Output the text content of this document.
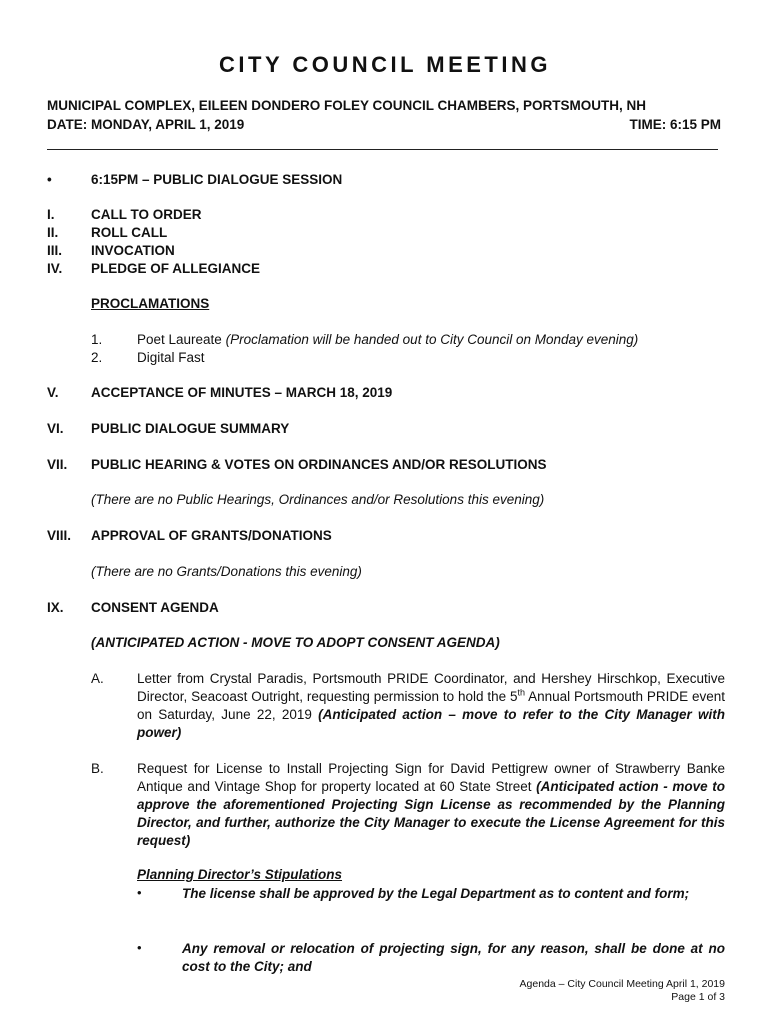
CITY COUNCIL MEETING
MUNICIPAL COMPLEX, EILEEN DONDERO FOLEY COUNCIL CHAMBERS, PORTSMOUTH, NH
DATE: MONDAY, APRIL 1, 2019	TIME: 6:15 PM
•	6:15PM – PUBLIC DIALOGUE SESSION
I.	CALL TO ORDER
II. ROLL CALL
III. INVOCATION
IV. PLEDGE OF ALLEGIANCE
PROCLAMATIONS
1.	Poet Laureate (Proclamation will be handed out to City Council on Monday evening)
2.	Digital Fast
V. ACCEPTANCE OF MINUTES – MARCH 18, 2019
VI. PUBLIC DIALOGUE SUMMARY
VII. PUBLIC HEARING & VOTES ON ORDINANCES AND/OR RESOLUTIONS
(There are no Public Hearings, Ordinances and/or Resolutions this evening)
VIII. APPROVAL OF GRANTS/DONATIONS
(There are no Grants/Donations this evening)
IX. CONSENT AGENDA
(ANTICIPATED ACTION - MOVE TO ADOPT CONSENT AGENDA)
A. Letter from Crystal Paradis, Portsmouth PRIDE Coordinator, and Hershey Hirschkop, Executive Director, Seacoast Outright, requesting permission to hold the 5th Annual Portsmouth PRIDE event on Saturday, June 22, 2019 (Anticipated action – move to refer to the City Manager with power)
B. Request for License to Install Projecting Sign for David Pettigrew owner of Strawberry Banke Antique and Vintage Shop for property located at 60 State Street (Anticipated action - move to approve the aforementioned Projecting Sign License as recommended by the Planning Director, and further, authorize the City Manager to execute the License Agreement for this request)
Planning Director’s Stipulations
•	The license shall be approved by the Legal Department as to content and form;
•	Any removal or relocation of projecting sign, for any reason, shall be done at no cost to the City; and
Agenda – City Council Meeting April 1, 2019
Page 1 of 3
